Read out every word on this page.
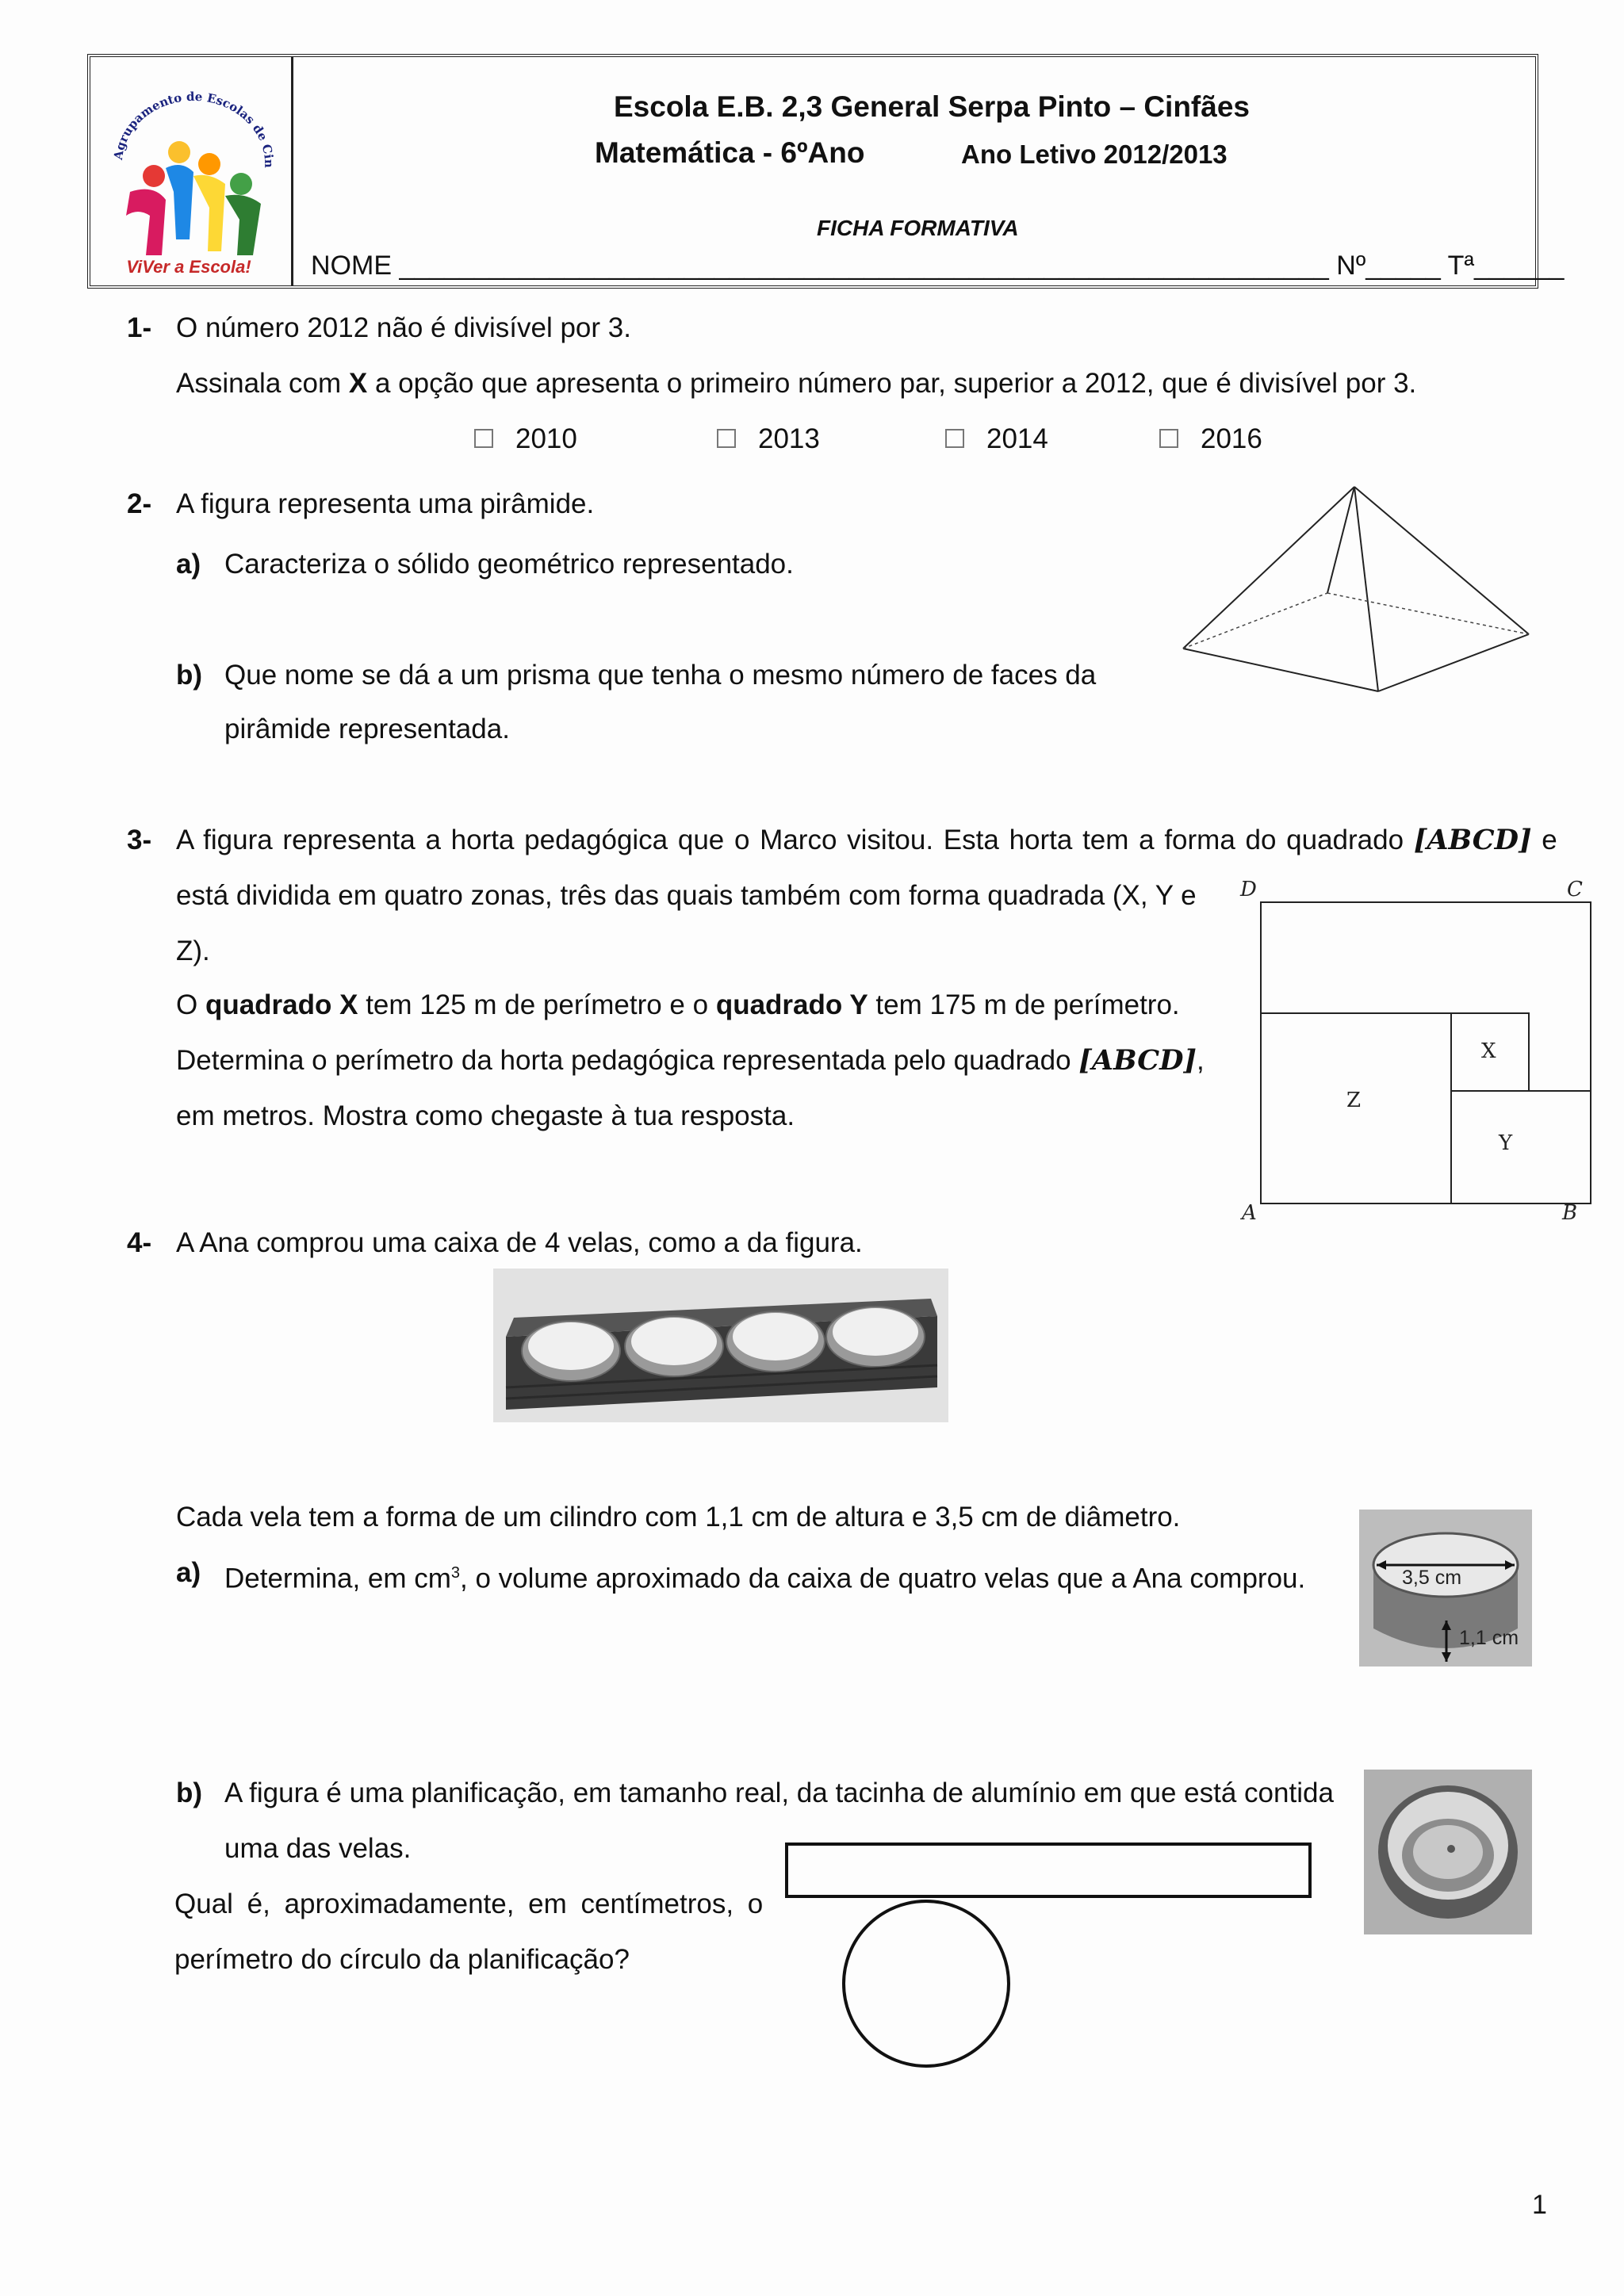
Agrupamento de Escolas de Cin
ViVer a Escola!
Escola E.B. 2,3 General Serpa Pinto – Cinfães
Matemática - 6ºAno	Ano Letivo 2012/2013
FICHA FORMATIVA
NOME ______________________________________________________________ Nº_____ Tª______
1- O número 2012 não é divisível por 3.
Assinala com X a opção que apresenta o primeiro número par, superior a 2012, que é divisível por 3.
2010	2013	2014	2016
2- A figura representa uma pirâmide.
a) Caracteriza o sólido geométrico representado.
b) Que nome se dá a um prisma que tenha o mesmo número de faces da
pirâmide representada.
3- A figura representa a horta pedagógica que o Marco visitou. Esta horta tem a forma do quadrado [ABCD] e
está dividida em quatro zonas, três das quais também com forma quadrada (X, Y e
Z).
O quadrado X tem 125 m de perímetro e o quadrado Y tem 175 m de perímetro.
Determina o perímetro da horta pedagógica representada pelo quadrado [ABCD],
em metros. Mostra como chegaste à tua resposta.
D	C
A	B
X
Y
Z
4- A Ana comprou uma caixa de 4 velas, como a da figura.
Cada vela tem a forma de um cilindro com 1,1 cm de altura e 3,5 cm de diâmetro.
a) Determina, em $cm^3$, o volume aproximado da caixa de quatro velas que a Ana comprou.	3,5 cm
1,1 cm
b) A figura é uma planificação, em tamanho real, da tacinha de alumínio em que está contida
uma das velas.
Qual é, aproximadamente, em centímetros, o
perímetro do círculo da planificação?
1
